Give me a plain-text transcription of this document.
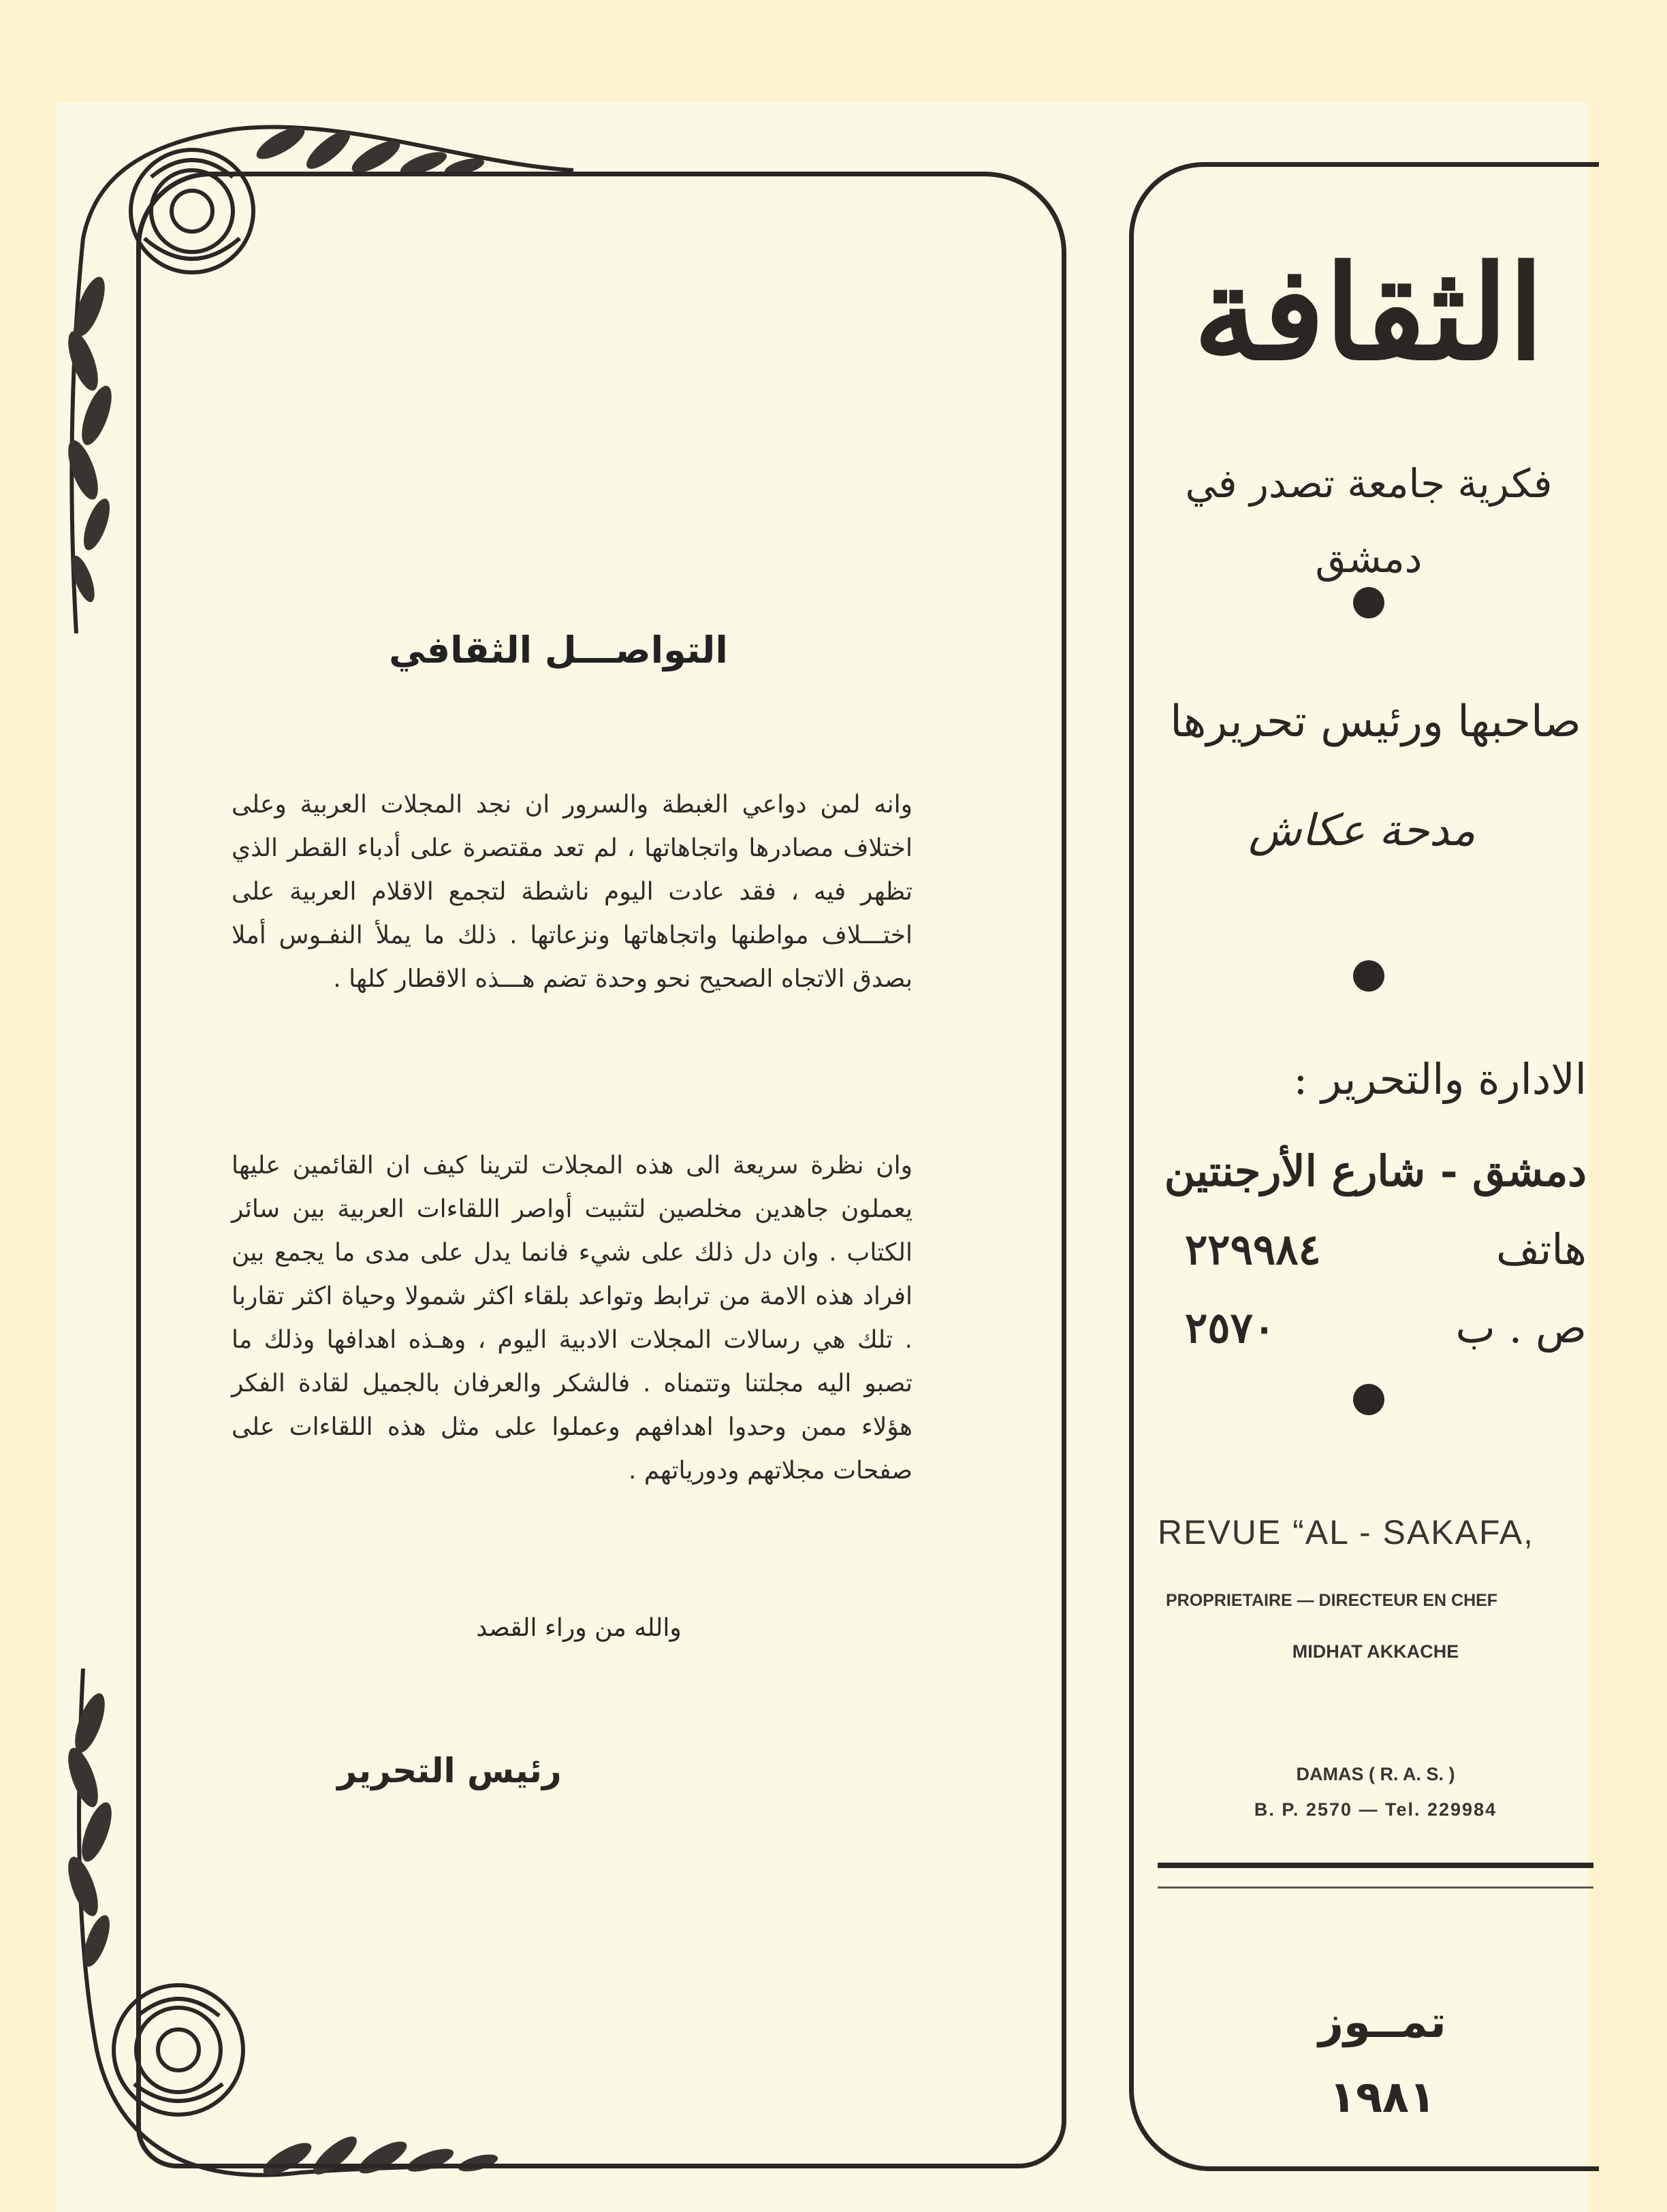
التواصـــل الثقافي
وانه لمن دواعي الغبطة والسرور ان نجد المجلات العربية وعلى اختلاف مصادرها واتجاهاتها ، لم تعد مقتصرة على أدباء القطر الذي تظهر فيه ، فقد عادت اليوم ناشطة لتجمع الاقلام العربية على اختـــلاف مواطنها واتجاهاتها ونزعاتها . ذلك ما يملأ النفـوس أملا بصدق الاتجاه الصحيح نحو وحدة تضم هـــذه الاقطار كلها .
وان نظرة سريعة الى هذه المجلات لترينا كيف ان القائمين عليها يعملون جاهدين مخلصين لتثبيت أواصر اللقاءات العربية بين سائر الكتاب . وان دل ذلك على شيء فانما يدل على مدى ما يجمع بين افراد هذه الامة من ترابط وتواعد بلقاء اكثر شمولا وحياة اكثر تقاربا . تلك هي رسالات المجلات الادبية اليوم ، وهـذه اهدافها وذلك ما تصبو اليه مجلتنا وتتمناه . فالشكر والعرفان بالجميل لقادة الفكر هؤلاء ممن وحدوا اهدافهم وعملوا على مثل هذه اللقاءات على صفحات مجلاتهم ودورياتهم .
والله من وراء القصد
رئيس التحرير
الثقافة
فكرية جامعة تصدر في دمشق
صاحبها ورئيس تحريرها
مدحة عكاش
الادارة والتحرير :
دمشق - شارع الأرجنتين
هاتف
٢٢٩٩٨٤
ص . ب
٢٥٧٠
REVUE “AL - SAKAFA,
PROPRIETAIRE — DIRECTEUR EN CHEF
MIDHAT AKKACHE
DAMAS ( R. A. S. )
B. P. 2570 — Tel. 229984
تمــوز
١٩٨١
